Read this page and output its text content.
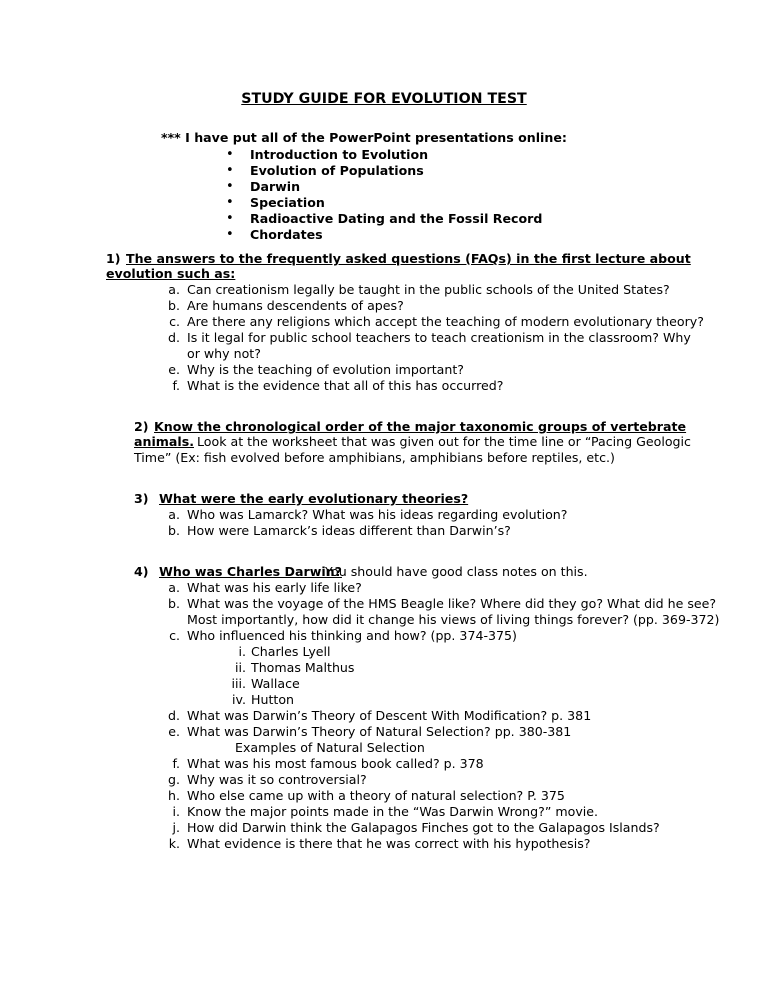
STUDY GUIDE FOR EVOLUTION TEST
*** I have put all of the PowerPoint presentations online:
• Introduction to Evolution
• Evolution of Populations
• Darwin
• Speciation
• Radioactive Dating and the Fossil Record
• Chordates
1) The answers to the frequently asked questions (FAQs) in the first lecture about
evolution such as:
a. Can creationism legally be taught in the public schools of the United States?
b. Are humans descendents of apes?
c. Are there any religions which accept the teaching of modern evolutionary theory?
d. Is it legal for public school teachers to teach creationism in the classroom? Why
or why not?
e. Why is the teaching of evolution important?
f. What is the evidence that all of this has occurred?
2) Know the chronological order of the major taxonomic groups of vertebrate
animals. Look at the worksheet that was given out for the time line or “Pacing Geologic
Time” (Ex: fish evolved before amphibians, amphibians before reptiles, etc.)
3) What were the early evolutionary theories?
a. Who was Lamarck? What was his ideas regarding evolution?
b. How were Lamarck’s ideas different than Darwin’s?
4) Who was Charles Darwin?
You should have good class notes on this.
a. What was his early life like?
b. What was the voyage of the HMS Beagle like? Where did they go? What did he see?
Most importantly, how did it change his views of living things forever? (pp. 369-372)
c. Who influenced his thinking and how? (pp. 374-375)
i. Charles Lyell
ii. Thomas Malthus
iii. Wallace
iv. Hutton
d. What was Darwin’s Theory of Descent With Modification? p. 381
e. What was Darwin’s Theory of Natural Selection? pp. 380-381
Examples of Natural Selection
f. What was his most famous book called? p. 378
g. Why was it so controversial?
h. Who else came up with a theory of natural selection? P. 375
i. Know the major points made in the “Was Darwin Wrong?” movie.
j. How did Darwin think the Galapagos Finches got to the Galapagos Islands?
k. What evidence is there that he was correct with his hypothesis?
